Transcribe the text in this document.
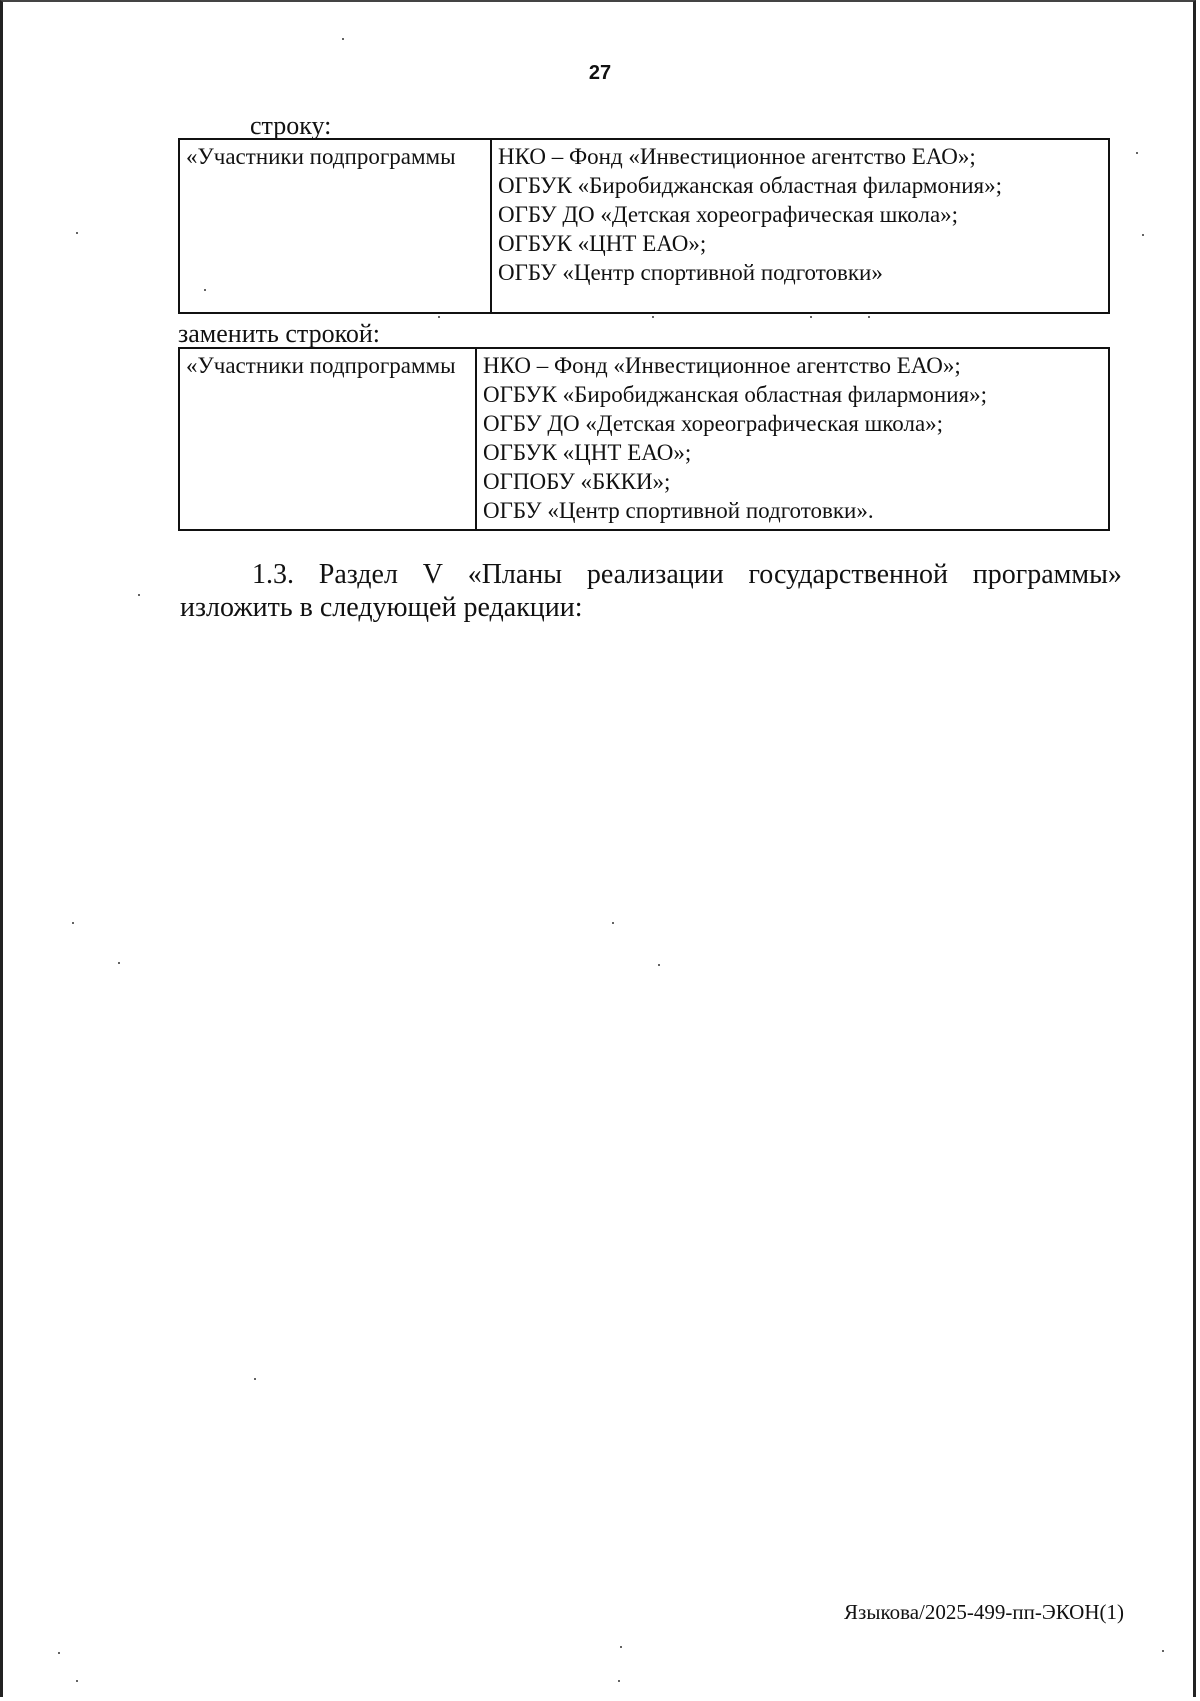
27
строку:
«Участники подпрограммы	НКО – Фонд «Инвестиционное агентство ЕАО»;
ОГБУК «Биробиджанская областная филармония»;
ОГБУ ДО «Детская хореографическая школа»;
ОГБУК «ЦНТ ЕАО»;
ОГБУ «Центр спортивной подготовки»
заменить строкой:
«Участники подпрограммы	НКО – Фонд «Инвестиционное агентство ЕАО»;
ОГБУК «Биробиджанская областная филармония»;
ОГБУ ДО «Детская хореографическая школа»;
ОГБУК «ЦНТ ЕАО»;
ОГПОБУ «БККИ»;
ОГБУ «Центр спортивной подготовки».
1.3. Раздел V «Планы реализации государственной программы»
изложить в следующей редакции:
Языкова/2025-499-пп-ЭКОН(1)
